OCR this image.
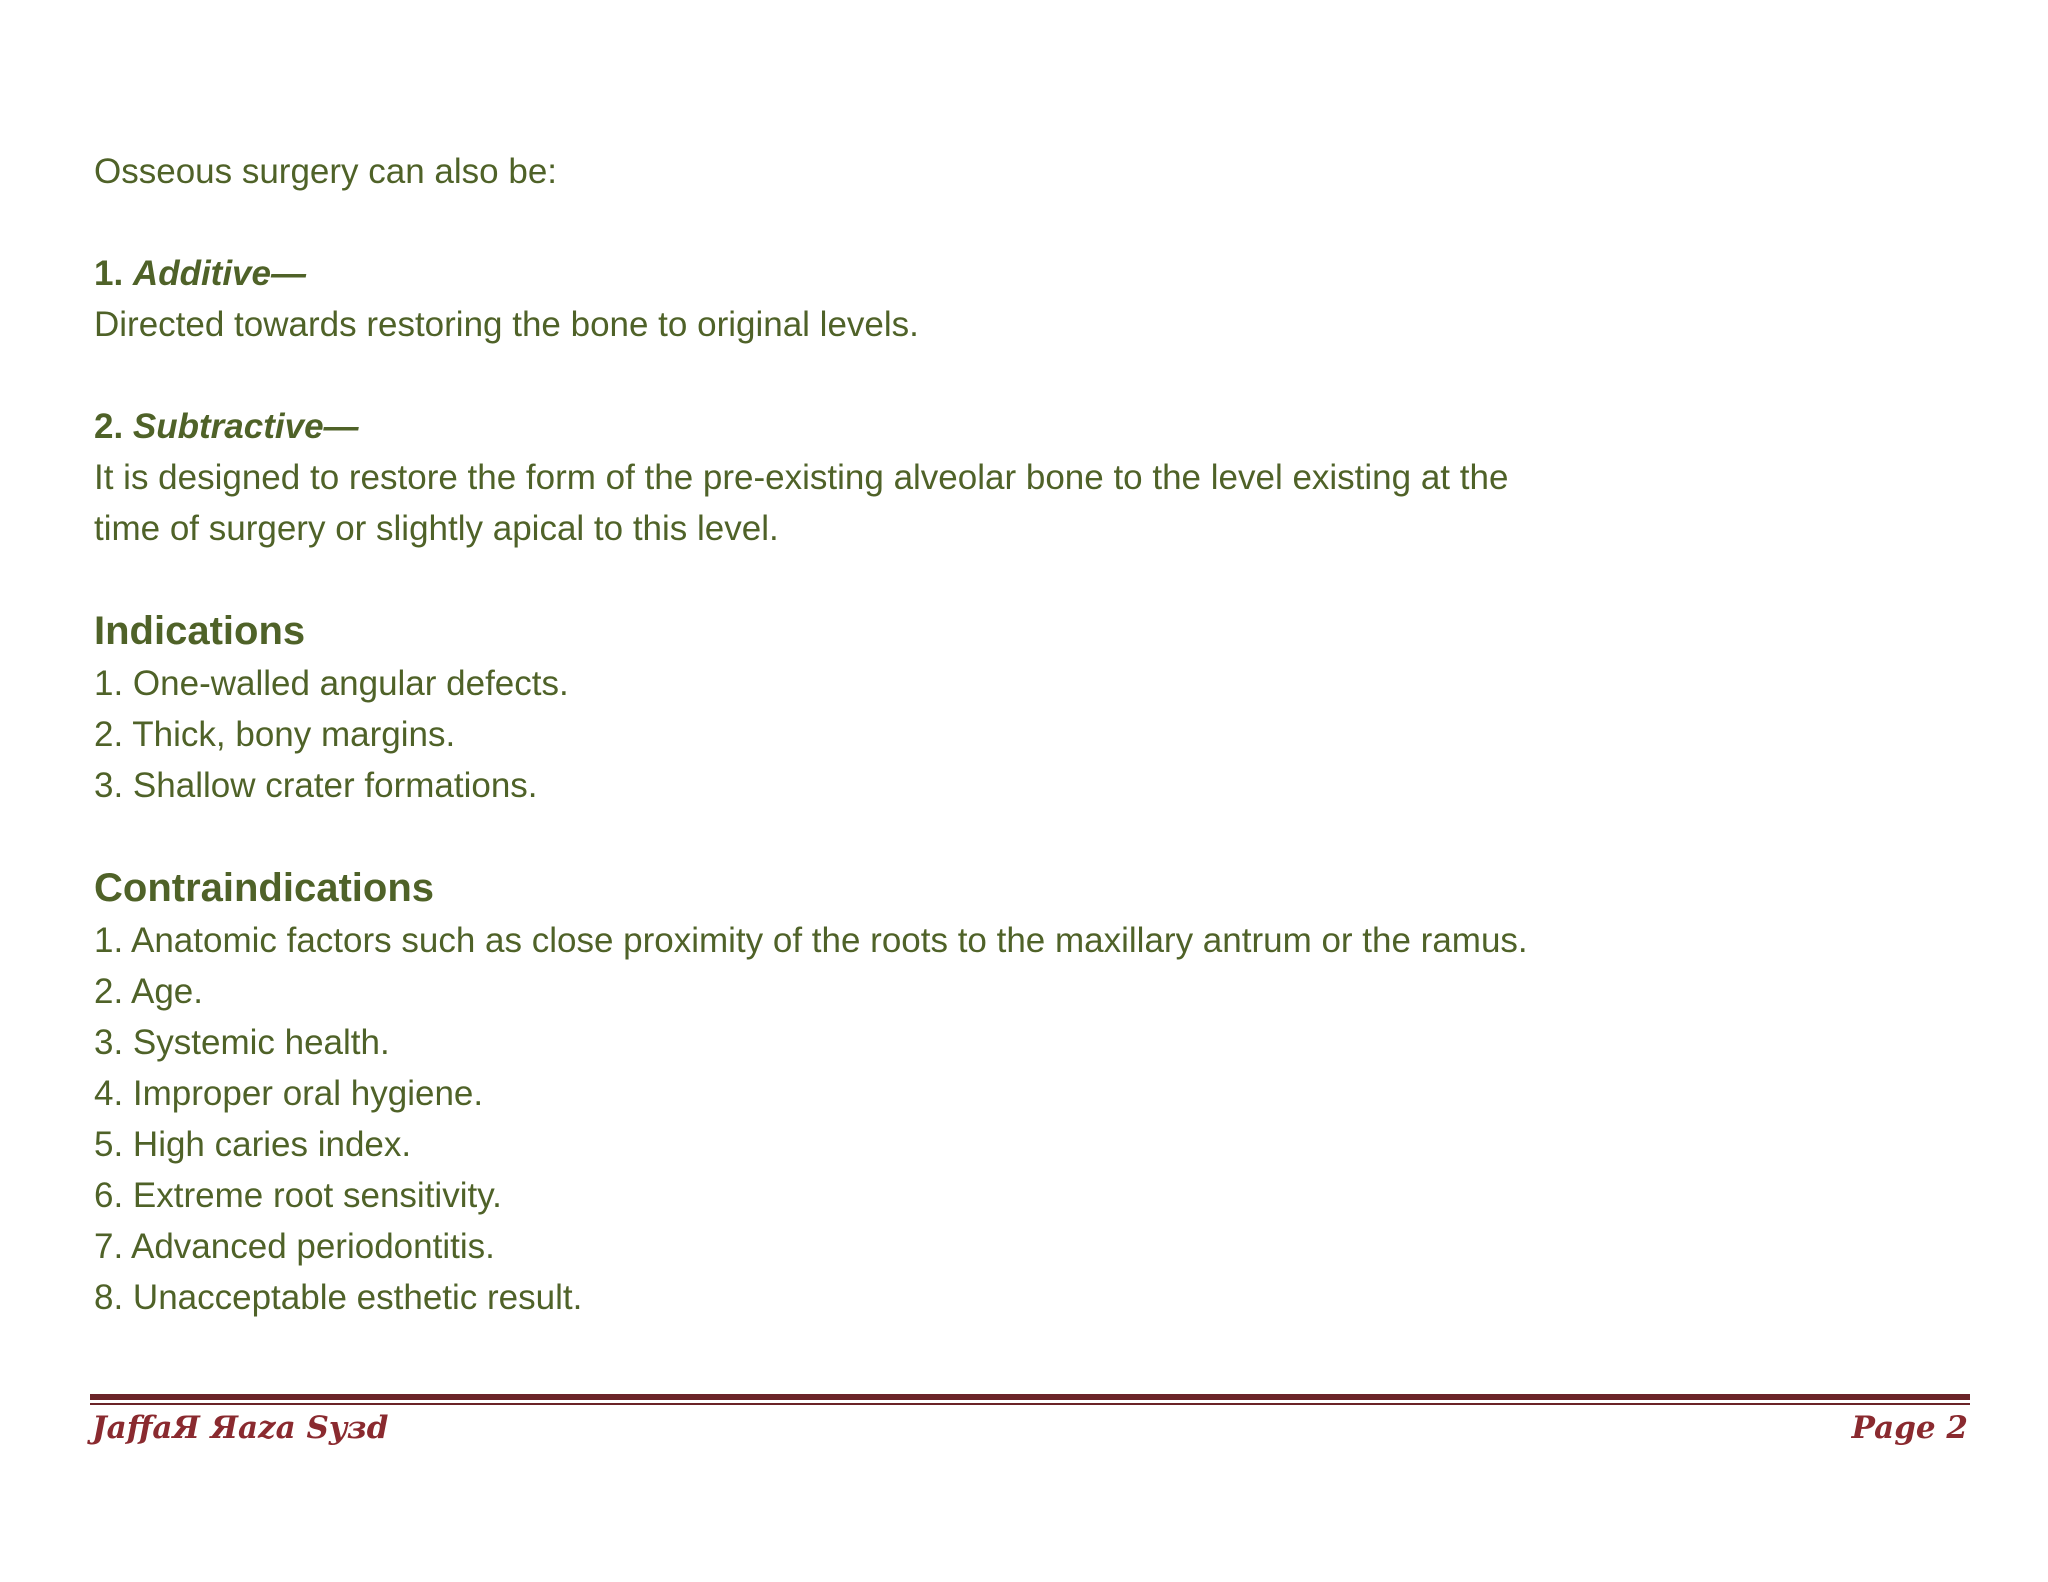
Osseous surgery can also be:

1. Additive—

Directed towards restoring the bone to original levels.

2. Subtractive—

It is designed to restore the form of the pre-existing alveolar bone to the level existing at the

time of surgery or slightly apical to this level.

Indications

1. One-walled angular defects.

2. Thick, bony margins.

3. Shallow crater formations.

Contraindications

1. Anatomic factors such as close proximity of the roots to the maxillary antrum or the ramus.

2. Age.

3. Systemic health.

4. Improper oral hygiene.

5. High caries index.

6. Extreme root sensitivity.

7. Advanced periodontitis.

8. Unacceptable esthetic result.

JaffaЯ Яaza Syзd	Page 2
